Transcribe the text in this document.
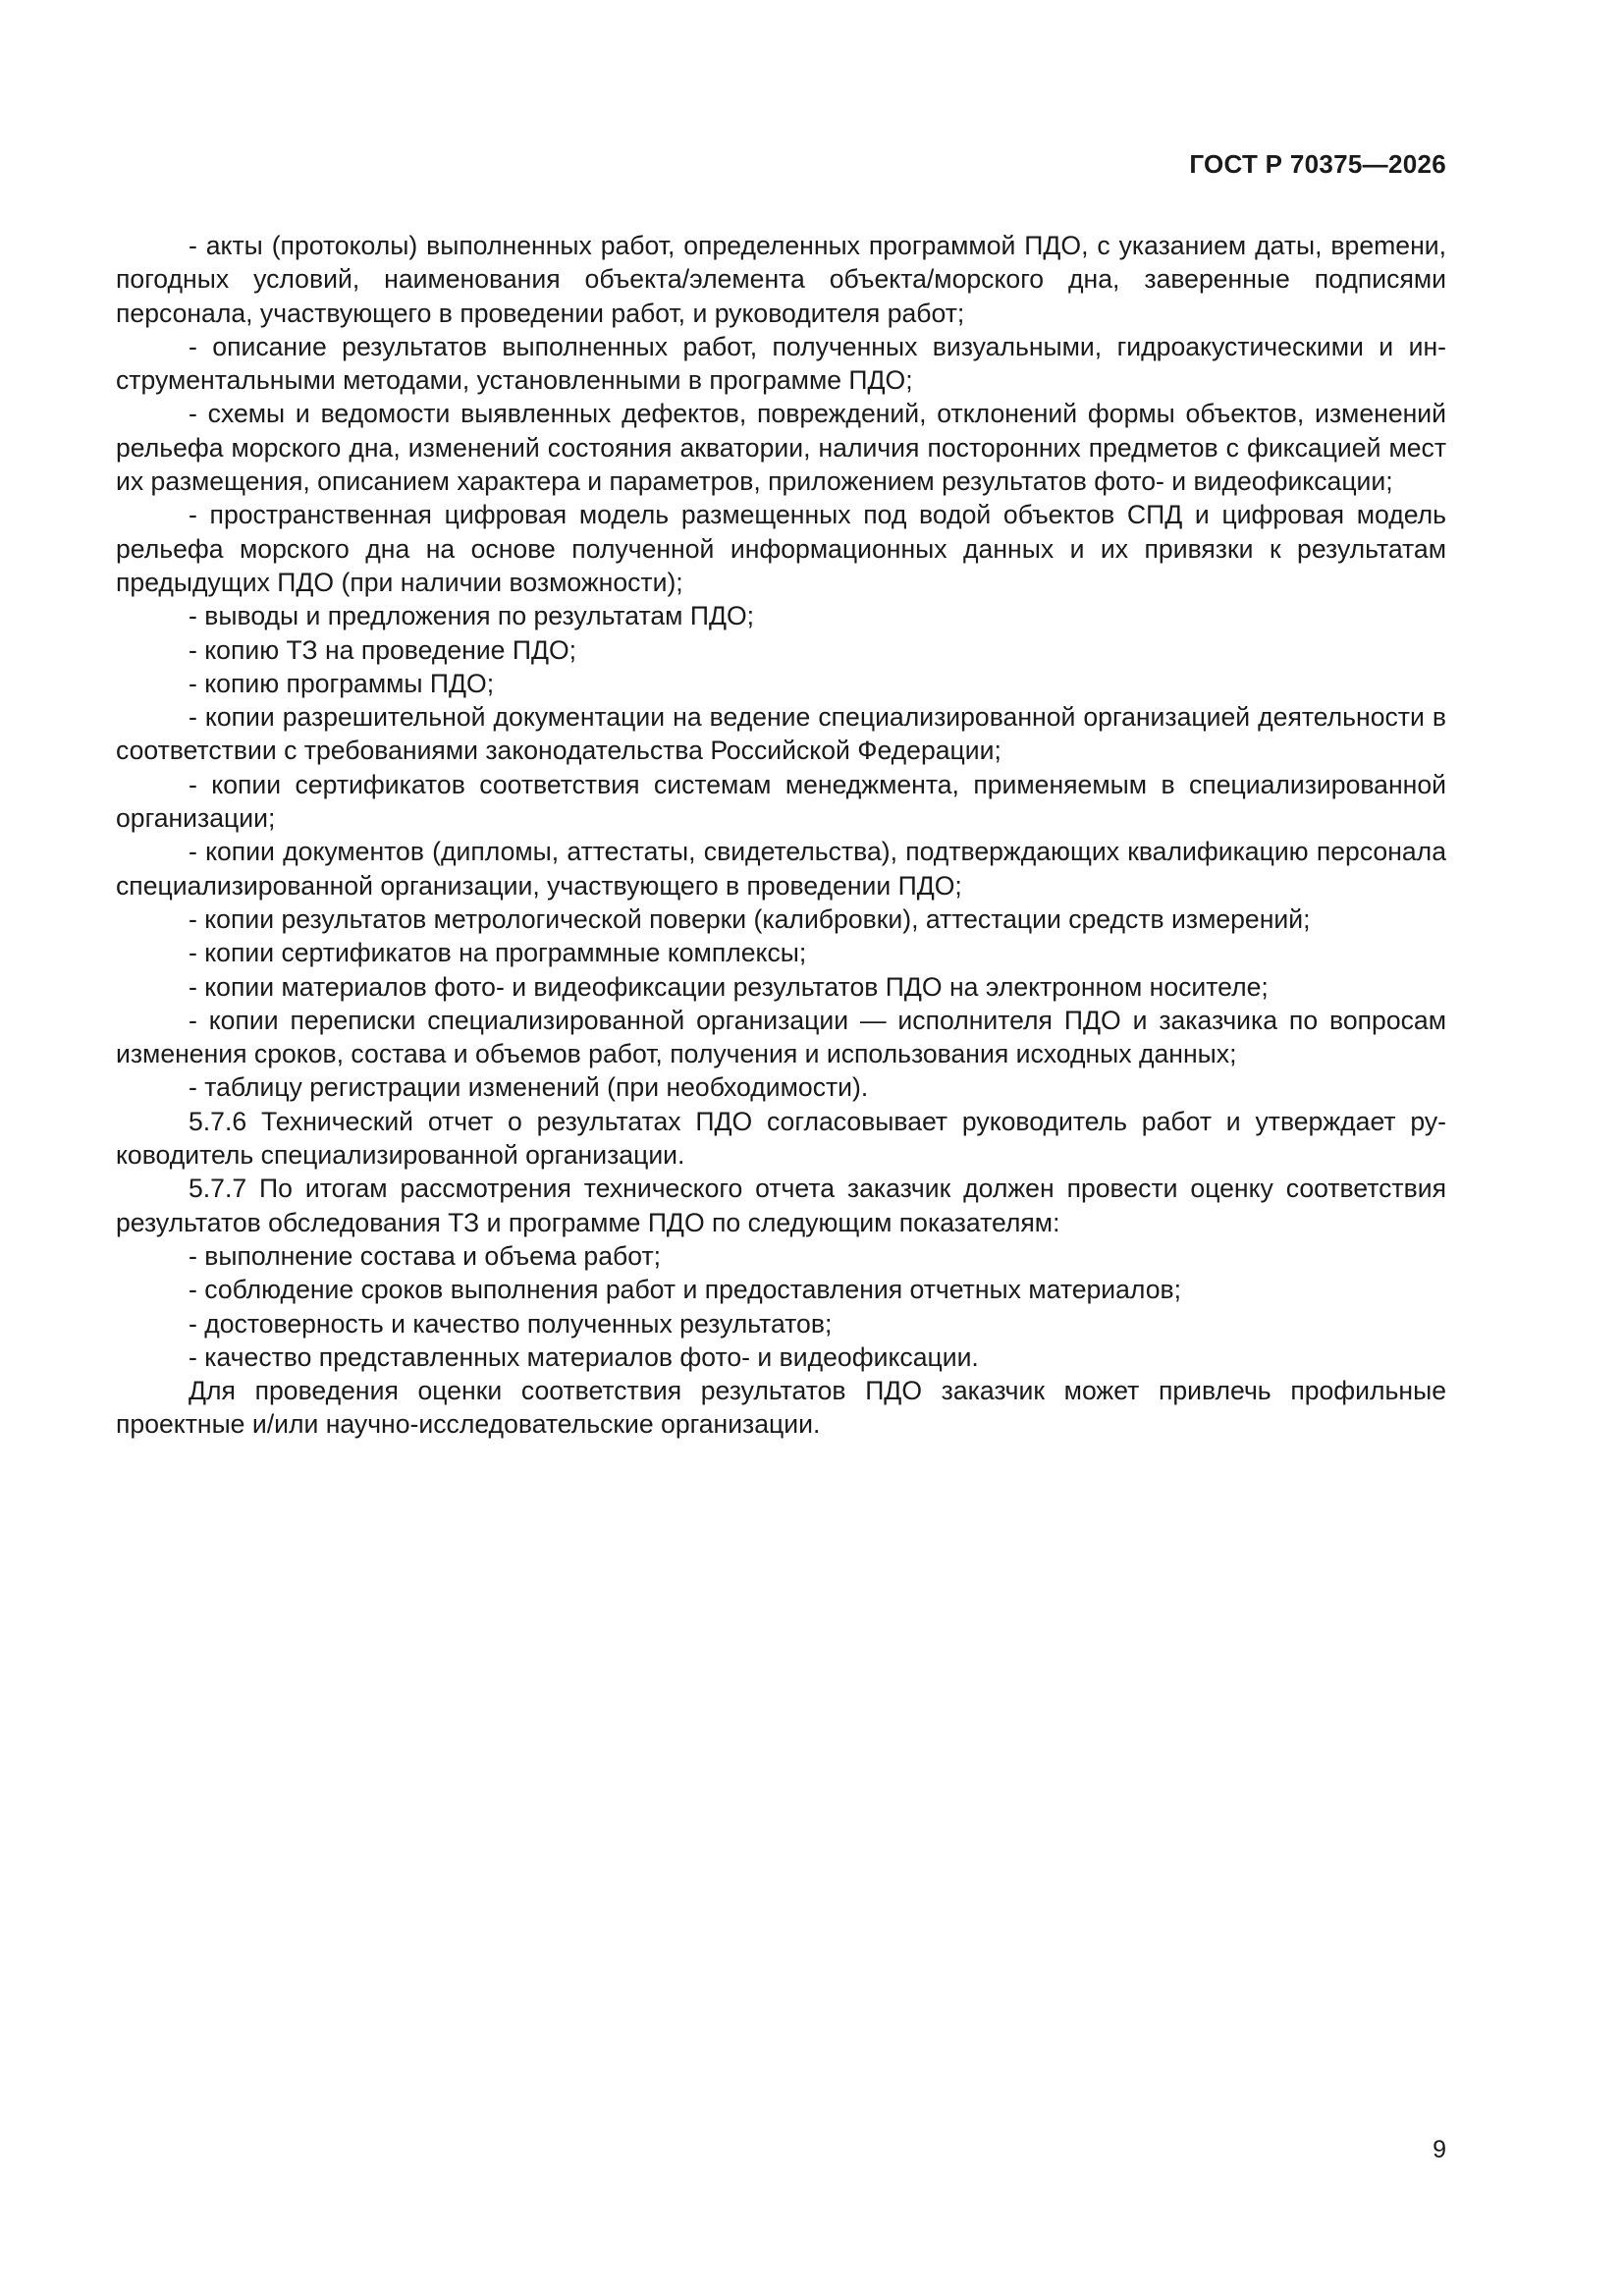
ГОСТ Р 70375—2026

- акты (протоколы) выполненных работ, определенных программой ПДО, с указанием даты, вреmени, погодных условий, наименования объекта/элемента объекта/морского дна, заверенные подписями персонала, участвующего в проведении работ, и руководителя работ;

- описание результатов выполненных работ, полученных визуальными, гидроакустическими и инструментальными методами, установленными в программе ПДО;

- схемы и ведомости выявленных дефектов, повреждений, отклонений формы объектов, изменений рельефа морского дна, изменений состояния акватории, наличия посторонних предметов с фиксацией мест их размещения, описанием характера и параметров, приложением результатов фото- и видеофиксации;

- пространственная цифровая модель размещенных под водой объектов СПД и цифровая модель рельефа морского дна на основе полученной информационных данных и их привязки к результатам предыдущих ПДО (при наличии возможности);

- выводы и предложения по результатам ПДО;

- копию ТЗ на проведение ПДО;

- копию программы ПДО;

- копии разрешительной документации на ведение специализированной организацией деятельности в соответствии с требованиями законодательства Российской Федерации;

- копии сертификатов соответствия системам менеджмента, применяемым в специализированной организации;

- копии документов (дипломы, аттестаты, свидетельства), подтверждающих квалификацию персонала специализированной организации, участвующего в проведении ПДО;

- копии результатов метрологической поверки (калибровки), аттестации средств измерений;

- копии сертификатов на программные комплексы;

- копии материалов фото- и видеофиксации результатов ПДО на электронном носителе;

- копии переписки специализированной организации — исполнителя ПДО и заказчика по вопросам изменения сроков, состава и объемов работ, получения и использования исходных данных;

- таблицу регистрации изменений (при необходимости).

5.7.6 Технический отчет о результатах ПДО согласовывает руководитель работ и утверждает руководитель специализированной организации.

5.7.7 По итогам рассмотрения технического отчета заказчик должен провести оценку соответствия результатов обследования ТЗ и программе ПДО по следующим показателям:

- выполнение состава и объема работ;

- соблюдение сроков выполнения работ и предоставления отчетных материалов;

- достоверность и качество полученных результатов;

- качество представленных материалов фото- и видеофиксации.

Для проведения оценки соответствия результатов ПДО заказчик может привлечь профильные проектные и/или научно-исследовательские организации.

9
